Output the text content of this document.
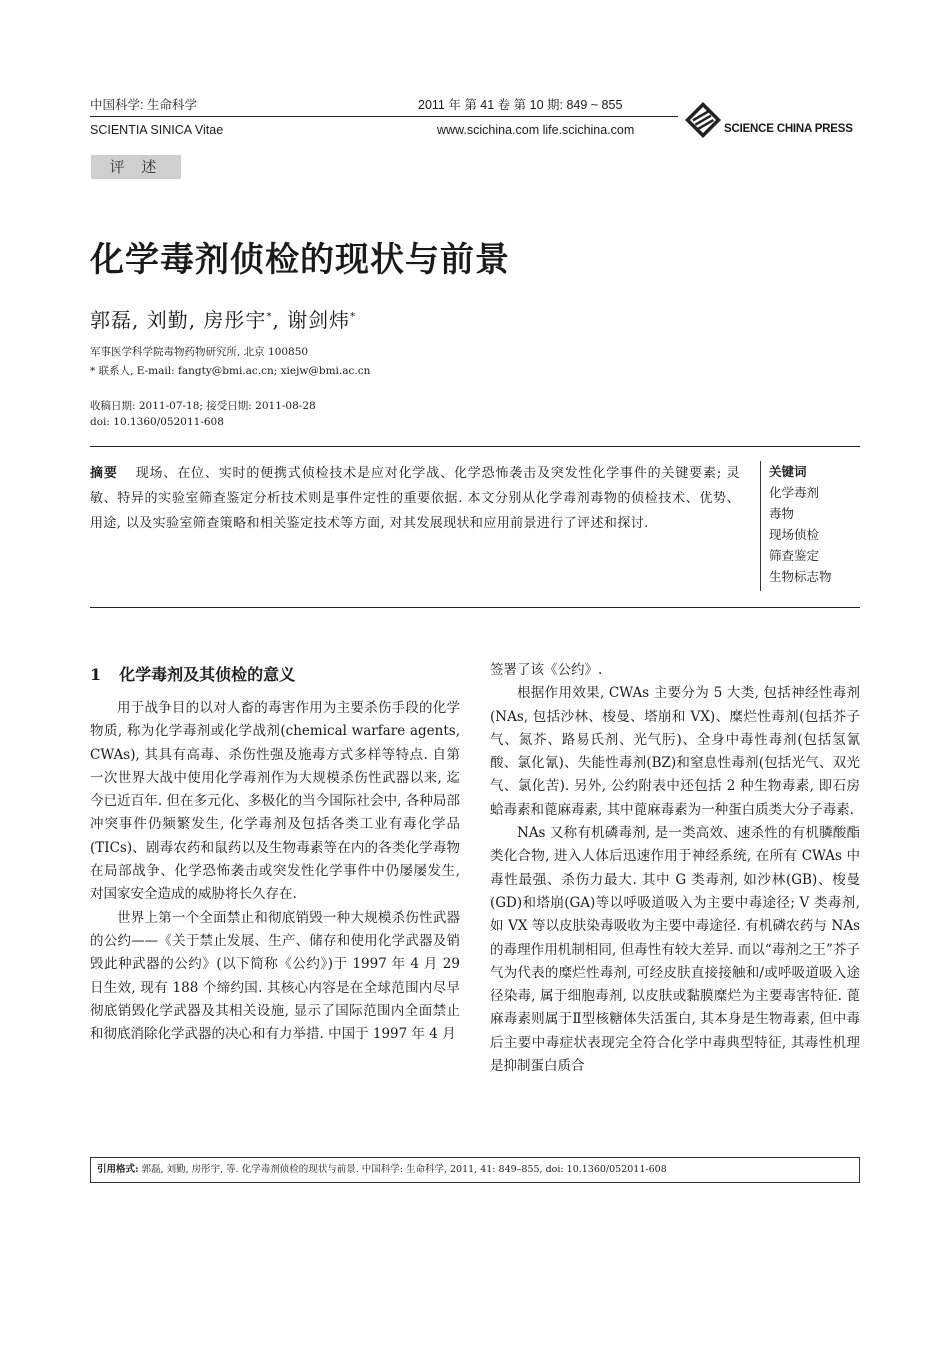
中国科学: 生命科学	2011 年 第 41 卷 第 10 期: 849 ~ 855
SCIENTIA SINICA Vitae	www.scichina.com life.scichina.com	SCIENCE CHINA PRESS
评 述
化学毒剂侦检的现状与前景
郭磊, 刘勤, 房彤宇*, 谢剑炜*
军事医学科学院毒物药物研究所, 北京 100850
* 联系人, E-mail: fangty@bmi.ac.cn; xiejw@bmi.ac.cn
收稿日期: 2011-07-18; 接受日期: 2011-08-28
doi: 10.1360/052011-608
摘要 现场、在位、实时的便携式侦检技术是应对化学战、化学恐怖袭击及突发性化学事件的关键要素; 灵敏、特异的实验室筛查鉴定分析技术则是事件定性的重要依据. 本文分别从化学毒剂毒物的侦检技术、优势、用途, 以及实验室筛查策略和相关鉴定技术等方面, 对其发展现状和应用前景进行了评述和探讨.
关键词
化学毒剂
毒物
现场侦检
筛查鉴定
生物标志物
1 化学毒剂及其侦检的意义

用于战争目的以对人畜的毒害作用为主要杀伤手段的化学物质, 称为化学毒剂或化学战剂(chemical warfare agents, CWAs), 其具有高毒、杀伤性强及施毒方式多样等特点. 自第一次世界大战中使用化学毒剂作为大规模杀伤性武器以来, 迄今已近百年. 但在多元化、多极化的当今国际社会中, 各种局部冲突事件仍频繁发生, 化学毒剂及包括各类工业有毒化学品(TICs)、剧毒农药和鼠药以及生物毒素等在内的各类化学毒物在局部战争、化学恐怖袭击或突发性化学事件中仍屡屡发生, 对国家安全造成的威胁将长久存在.

世界上第一个全面禁止和彻底销毁一种大规模杀伤性武器的公约——《关于禁止发展、生产、储存和使用化学武器及销毁此种武器的公约》(以下简称《公约》)于 1997 年 4 月 29 日生效, 现有 188 个缔约国. 其核心内容是在全球范围内尽早彻底销毁化学武器及其相关设施, 显示了国际范围内全面禁止和彻底消除化学武器的决心和有力举措. 中国于 1997 年 4 月

签署了该《公约》.

根据作用效果, CWAs 主要分为 5 大类, 包括神经性毒剂(NAs, 包括沙林、梭曼、塔崩和 VX)、糜烂性毒剂(包括芥子气、氮芥、路易氏剂、光气肟)、全身中毒性毒剂(包括氢氰酸、氯化氰)、失能性毒剂(BZ)和窒息性毒剂(包括光气、双光气、氯化苦). 另外, 公约附表中还包括 2 种生物毒素, 即石房蛤毒素和蓖麻毒素, 其中蓖麻毒素为一种蛋白质类大分子毒素.

NAs 又称有机磷毒剂, 是一类高效、速杀性的有机膦酸酯类化合物, 进入人体后迅速作用于神经系统, 在所有 CWAs 中毒性最强、杀伤力最大. 其中 G 类毒剂, 如沙林(GB)、梭曼(GD)和塔崩(GA)等以呼吸道吸入为主要中毒途径; V 类毒剂, 如 VX 等以皮肤染毒吸收为主要中毒途径. 有机磷农药与 NAs 的毒理作用机制相同, 但毒性有较大差异. 而以“毒剂之王”芥子气为代表的糜烂性毒剂, 可经皮肤直接接触和/或呼吸道吸入途径染毒, 属于细胞毒剂, 以皮肤或黏膜糜烂为主要毒害特征. 蓖麻毒素则属于Ⅱ型核糖体失活蛋白, 其本身是生物毒素, 但中毒后主要中毒症状表现完全符合化学中毒典型特征, 其毒性机理是抑制蛋白质合

引用格式: 郭磊, 刘勤, 房彤宇, 等. 化学毒剂侦检的现状与前景. 中国科学: 生命科学, 2011, 41: 849–855, doi: 10.1360/052011-608
